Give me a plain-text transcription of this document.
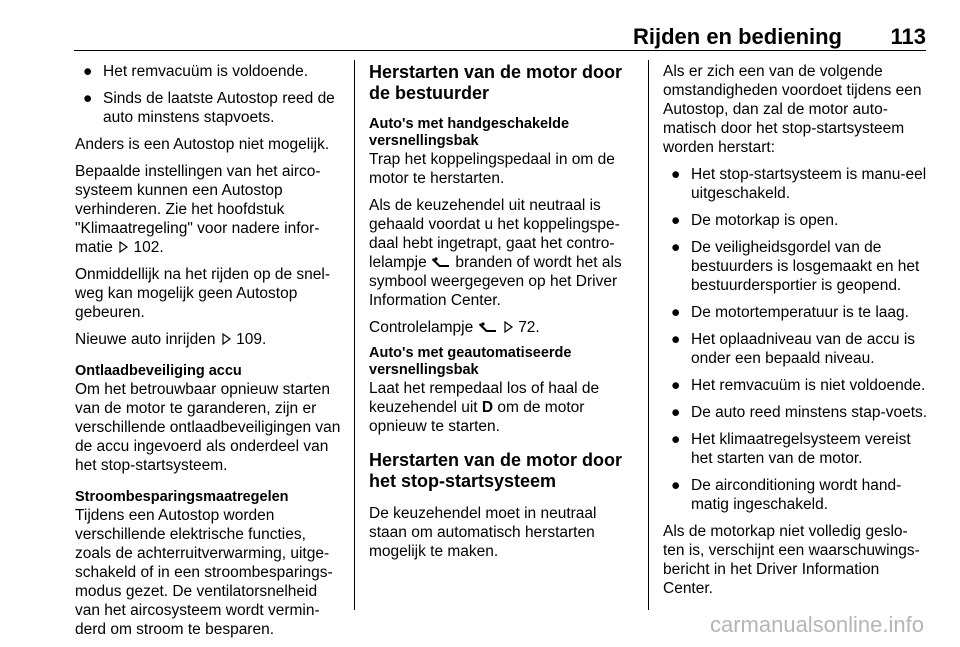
Rijden en bediening 113
● Het remvacuüm is voldoende.
● Sinds de laatste Autostop reed de auto minstens stapvoets.

Anders is een Autostop niet mogelijk.

Bepaalde instellingen van het airco-systeem kunnen een Autostop verhinderen. Zie het hoofdstuk "Klimaatregeling" voor nadere infor-matie 102.

Onmiddellijk na het rijden op de snel-weg kan mogelijk geen Autostop gebeuren.

Nieuwe auto inrijden 109.

Ontlaadbeveiliging accu

Om het betrouwbaar opnieuw starten van de motor te garanderen, zijn er verschillende ontlaadbeveiligingen van de accu ingevoerd als onderdeel van het stop-startsysteem.

Stroombesparingsmaatregelen

Tijdens een Autostop worden verschillende elektrische functies, zoals de achterruitverwarming, uitge-schakeld of in een stroombesparings-modus gezet. De ventilatorsnelheid van het aircosysteem wordt vermin-derd om stroom te besparen.

Herstarten van de motor door de bestuurder
Auto's met handgeschakelde versnellingsbak

Trap het koppelingspedaal in om de motor te herstarten.

Als de keuzehendel uit neutraal is gehaald voordat u het koppelingspe-daal hebt ingetrapt, gaat het contro-lelampje branden of wordt het als symbool weergegeven op het Driver Information Center.

Controlelampje	72.

Auto's met geautomatiseerde versnellingsbak

Laat het rempedaal los of haal de keuzehendel uit D om de motor opnieuw te starten.

Herstarten van de motor door het stop-startsysteem

De keuzehendel moet in neutraal staan om automatisch herstarten mogelijk te maken.

Als er zich een van de volgende omstandigheden voordoet tijdens een Autostop, dan zal de motor auto-matisch door het stop-startsysteem worden herstart:

● Het stop-startsysteem is manu-eel uitgeschakeld.
● De motorkap is open.
● De veiligheidsgordel van de bestuurders is losgemaakt en het bestuurdersportier is geopend.
● De motortemperatuur is te laag.
● Het oplaadniveau van de accu is onder een bepaald niveau.
● Het remvacuüm is niet voldoende.
● De auto reed minstens stap-voets.
● Het klimaatregelsysteem vereist het starten van de motor.
● De airconditioning wordt hand-matig ingeschakeld.

Als de motorkap niet volledig geslo-ten is, verschijnt een waarschuwings-bericht in het Driver Information Center.

carmanualsonline.info
